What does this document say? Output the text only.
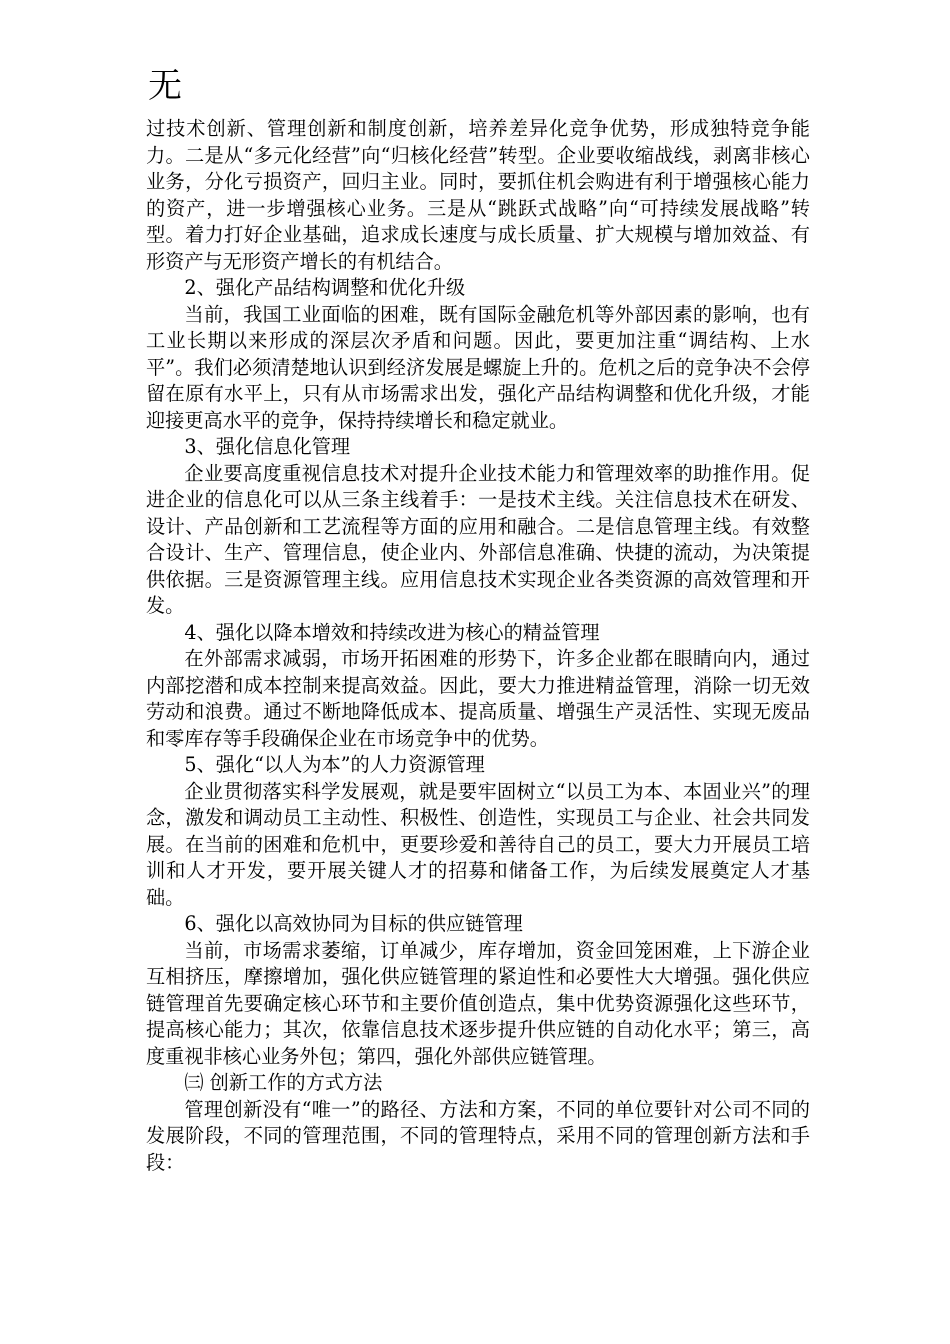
无

过技术创新、管理创新和制度创新，培养差异化竞争优势，形成独特竞争能力。二是从“多元化经营”向“归核化经营”转型。企业要收缩战线，剥离非核心业务，分化亏损资产，回归主业。同时，要抓住机会购进有利于增强核心能力的资产，进一步增强核心业务。三是从“跳跃式战略”向“可持续发展战略”转型。着力打好企业基础，追求成长速度与成长质量、扩大规模与增加效益、有形资产与无形资产增长的有机结合。

2、强化产品结构调整和优化升级

当前，我国工业面临的困难，既有国际金融危机等外部因素的影响，也有工业长期以来形成的深层次矛盾和问题。因此，要更加注重“调结构、上水平”。我们必须清楚地认识到经济发展是螺旋上升的。危机之后的竞争决不会停留在原有水平上，只有从市场需求出发，强化产品结构调整和优化升级，才能迎接更高水平的竞争，保持持续增长和稳定就业。

3、强化信息化管理

企业要高度重视信息技术对提升企业技术能力和管理效率的助推作用。促进企业的信息化可以从三条主线着手：一是技术主线。关注信息技术在研发、设计、产品创新和工艺流程等方面的应用和融合。二是信息管理主线。有效整合设计、生产、管理信息，使企业内、外部信息准确、快捷的流动，为决策提供依据。三是资源管理主线。应用信息技术实现企业各类资源的高效管理和开发。

4、强化以降本增效和持续改进为核心的精益管理

在外部需求减弱，市场开拓困难的形势下，许多企业都在眼睛向内，通过内部挖潜和成本控制来提高效益。因此，要大力推进精益管理，消除一切无效劳动和浪费。通过不断地降低成本、提高质量、增强生产灵活性、实现无废品和零库存等手段确保企业在市场竞争中的优势。

5、强化“以人为本”的人力资源管理

企业贯彻落实科学发展观，就是要牢固树立“以员工为本、本固业兴”的理念，激发和调动员工主动性、积极性、创造性，实现员工与企业、社会共同发展。在当前的困难和危机中，更要珍爱和善待自己的员工，要大力开展员工培训和人才开发，要开展关键人才的招募和储备工作，为后续发展奠定人才基础。

6、强化以高效协同为目标的供应链管理

当前，市场需求萎缩，订单减少，库存增加，资金回笼困难，上下游企业互相挤压，摩擦增加，强化供应链管理的紧迫性和必要性大大增强。强化供应链管理首先要确定核心环节和主要价值创造点，集中优势资源强化这些环节，提高核心能力；其次，依靠信息技术逐步提升供应链的自动化水平；第三，高度重视非核心业务外包；第四，强化外部供应链管理。

㈢ 创新工作的方式方法

管理创新没有“唯一”的路径、方法和方案，不同的单位要针对公司不同的发展阶段，不同的管理范围，不同的管理特点，采用不同的管理创新方法和手段：
